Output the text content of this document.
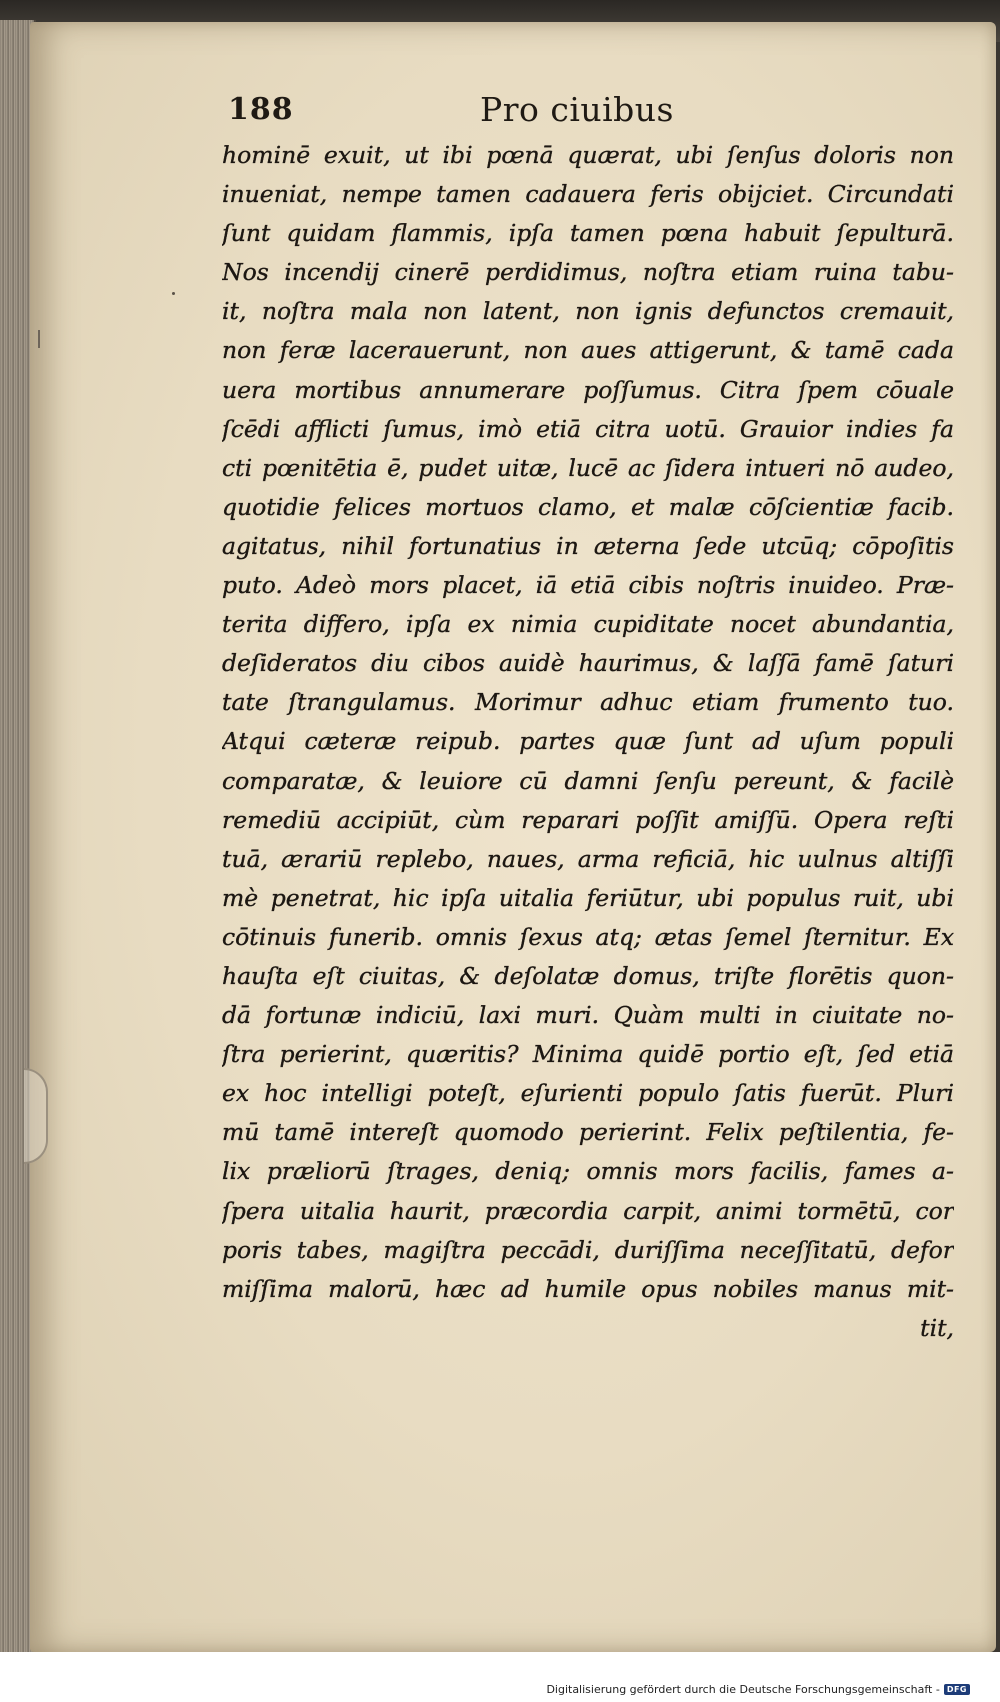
188	Pro ciuibus
hominē exuit, ut ibi pœnā quærat, ubi ſenſus doloris non
inueniat, nempe tamen cadauera feris obijciet. Circundati
ſunt quidam flammis, ipſa tamen pœna habuit ſepulturā.
Nos incendij cinerē perdidimus, noſtra etiam ruina tabu-
it, noſtra mala non latent, non ignis defunctos cremauit,
non feræ lacerauerunt, non aues attigerunt, & tamē cada
uera mortibus annumerare poſſumus. Citra ſpem cōuale
ſcēdi afflicti ſumus, imò etiā citra uotū. Grauior indies fa
cti pœnitētia ē, pudet uitæ, lucē ac ſidera intueri nō audeo,
quotidie felices mortuos clamo, et malæ cōſcientiæ facib.
agitatus, nihil fortunatius in æterna ſede utcūq; cōpoſitis
puto. Adeò mors placet, iā etiā cibis noſtris inuideo. Præ-
terita differo, ipſa ex nimia cupiditate nocet abundantia,
deſideratos diu cibos auidè haurimus, & laſſā famē ſaturi
tate ſtrangulamus. Morimur adhuc etiam frumento tuo.
Atqui cæteræ reipub. partes quæ ſunt ad uſum populi
comparatæ, & leuiore cū damni ſenſu pereunt, & facilè
remediū accipiūt, cùm reparari poſſit amiſſū. Opera reſti
tuā, ærariū replebo, naues, arma reficiā, hic uulnus altiſſi
mè penetrat, hic ipſa uitalia feriūtur, ubi populus ruit, ubi
cōtinuis funerib. omnis ſexus atq; ætas ſemel ſternitur. Ex
hauſta eſt ciuitas, & deſolatæ domus, triſte florētis quon-
dā fortunæ indiciū, laxi muri. Quàm multi in ciuitate no-
ſtra perierint, quæritis? Minima quidē portio eſt, ſed etiā
ex hoc intelligi poteſt, eſurienti populo ſatis fuerūt. Pluri
mū tamē intereſt quomodo perierint. Felix peſtilentia, fe-
lix præliorū ſtrages, deniq; omnis mors facilis, fames a-
ſpera uitalia haurit, præcordia carpit, animi tormētū, cor
poris tabes, magiſtra peccādi, duriſſima neceſſitatū, defor
miſſima malorū, hæc ad humile opus nobiles manus mit-
tit,
Digitalisierung gefördert durch die Deutsche Forschungsgemeinschaft - DFG
